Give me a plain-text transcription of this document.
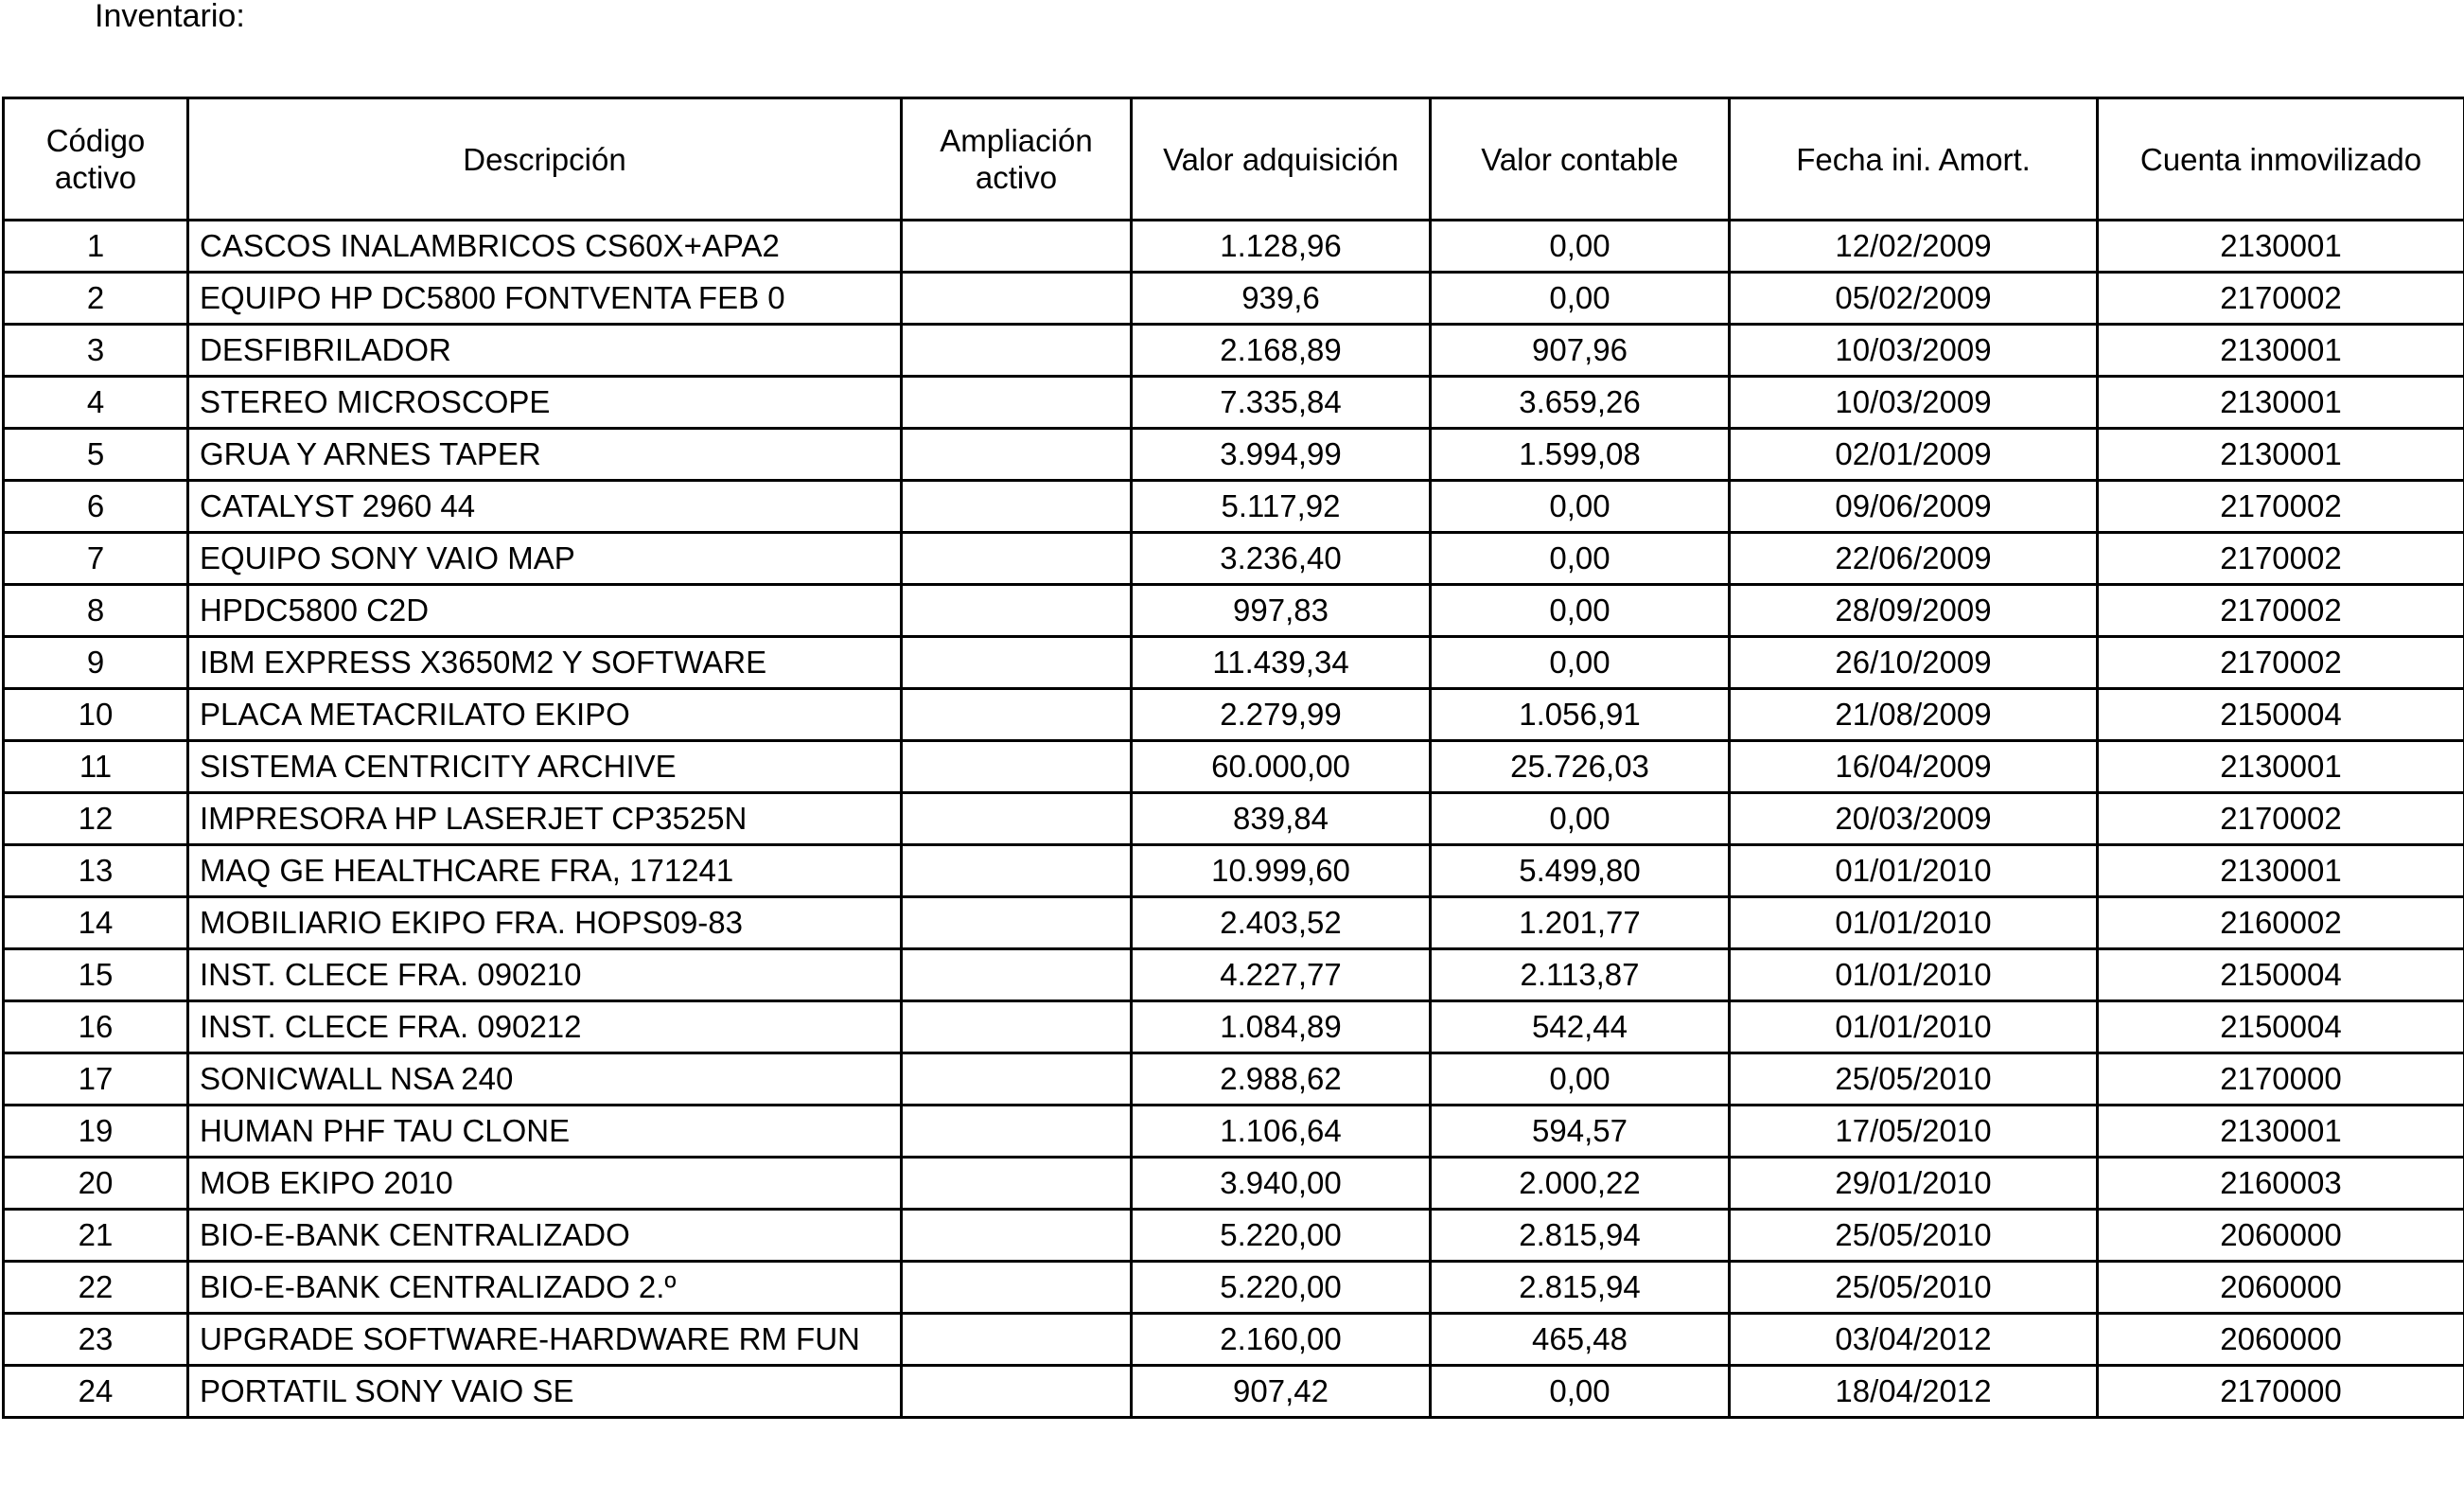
Inventario:
Código activo	Descripción	Ampliación activo	Valor adquisición	Valor contable	Fecha ini. Amort.	Cuenta inmovilizado
1	CASCOS INALAMBRICOS CS60X+APA2		1.128,96	0,00	12/02/2009	2130001
2	EQUIPO HP DC5800 FONTVENTA FEB 0		939,6	0,00	05/02/2009	2170002
3	DESFIBRILADOR		2.168,89	907,96	10/03/2009	2130001
4	STEREO MICROSCOPE		7.335,84	3.659,26	10/03/2009	2130001
5	GRUA Y ARNES TAPER		3.994,99	1.599,08	02/01/2009	2130001
6	CATALYST 2960 44		5.117,92	0,00	09/06/2009	2170002
7	EQUIPO SONY VAIO MAP		3.236,40	0,00	22/06/2009	2170002
8	HPDC5800 C2D		997,83	0,00	28/09/2009	2170002
9	IBM EXPRESS X3650M2 Y SOFTWARE		11.439,34	0,00	26/10/2009	2170002
10	PLACA METACRILATO EKIPO		2.279,99	1.056,91	21/08/2009	2150004
11	SISTEMA CENTRICITY ARCHIVE		60.000,00	25.726,03	16/04/2009	2130001
12	IMPRESORA HP LASERJET CP3525N		839,84	0,00	20/03/2009	2170002
13	MAQ GE HEALTHCARE FRA, 171241		10.999,60	5.499,80	01/01/2010	2130001
14	MOBILIARIO EKIPO FRA. HOPS09-83		2.403,52	1.201,77	01/01/2010	2160002
15	INST. CLECE FRA. 090210		4.227,77	2.113,87	01/01/2010	2150004
16	INST. CLECE FRA. 090212		1.084,89	542,44	01/01/2010	2150004
17	SONICWALL NSA 240		2.988,62	0,00	25/05/2010	2170000
19	HUMAN PHF TAU CLONE		1.106,64	594,57	17/05/2010	2130001
20	MOB EKIPO 2010		3.940,00	2.000,22	29/01/2010	2160003
21	BIO-E-BANK CENTRALIZADO		5.220,00	2.815,94	25/05/2010	2060000
22	BIO-E-BANK CENTRALIZADO 2.º		5.220,00	2.815,94	25/05/2010	2060000
23	UPGRADE SOFTWARE-HARDWARE RM FUN		2.160,00	465,48	03/04/2012	2060000
24	PORTATIL SONY VAIO SE		907,42	0,00	18/04/2012	2170000
